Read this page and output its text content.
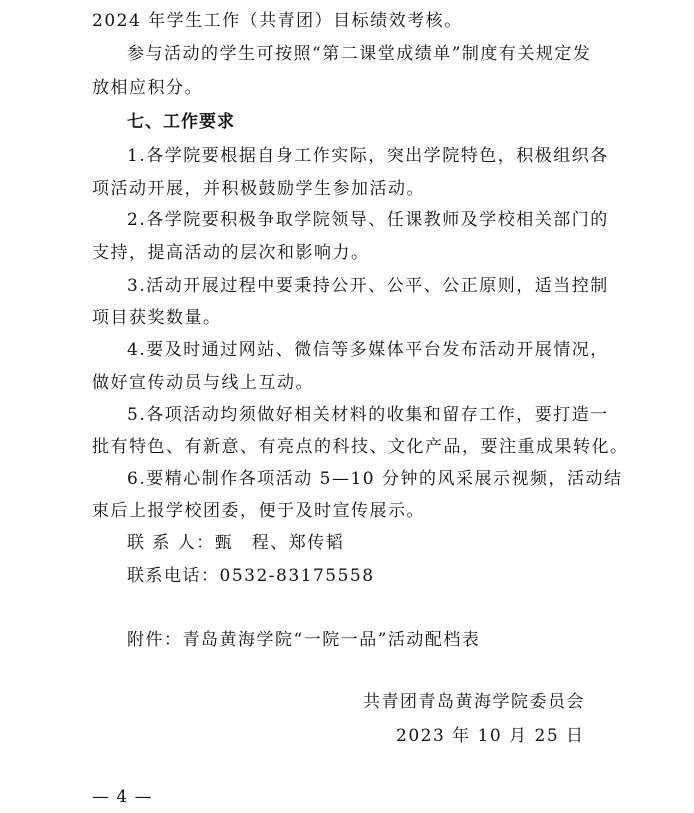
2024 年学生工作（共青团）目标绩效考核。
参与活动的学生可按照“第二课堂成绩单”制度有关规定发
放相应积分。
七、工作要求
1.各学院要根据自身工作实际，突出学院特色，积极组织各
项活动开展，并积极鼓励学生参加活动。
2.各学院要积极争取学院领导、任课教师及学校相关部门的
支持，提高活动的层次和影响力。
3.活动开展过程中要秉持公开、公平、公正原则，适当控制
项目获奖数量。
4.要及时通过网站、微信等多媒体平台发布活动开展情况，
做好宣传动员与线上互动。
5.各项活动均须做好相关材料的收集和留存工作，要打造一
批有特色、有新意、有亮点的科技、文化产品，要注重成果转化。
6.要精心制作各项活动 5—10 分钟的风采展示视频，活动结
束后上报学校团委，便于及时宣传展示。
联 系 人：甄　程、郑传韬
联系电话：0532-83175558
附件：青岛黄海学院“一院一品”活动配档表
共青团青岛黄海学院委员会
2023 年 10 月 25 日
— 4 —
